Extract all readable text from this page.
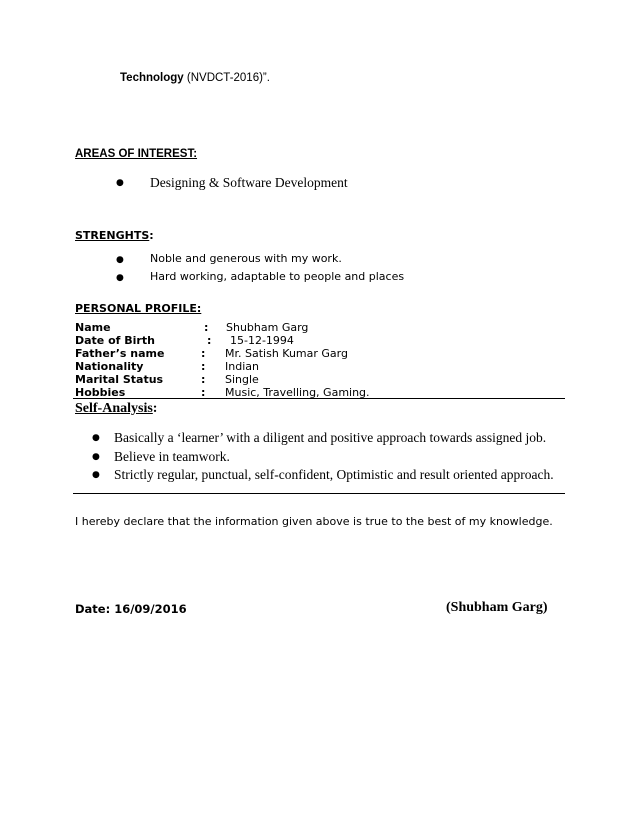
Technology (NVDCT-2016)”.
AREAS OF INTEREST:
● Designing & Software Development
STRENGHTS:
● Noble and generous with my work.
● Hard working, adaptable to people and places
PERSONAL PROFILE:
Name	: Shubham Garg
Date of Birth	: 15-12-1994
Father’s name	: Mr. Satish Kumar Garg
Nationality	: Indian
Marital Status	: Single
Hobbies	: Music, Travelling, Gaming.
Self-Analysis:
● Basically a ‘learner’ with a diligent and positive approach towards assigned job.
● Believe in teamwork.
● Strictly regular, punctual, self-confident, Optimistic and result oriented approach.
I hereby declare that the information given above is true to the best of my knowledge.
Date: 16/09/2016	(Shubham Garg)
